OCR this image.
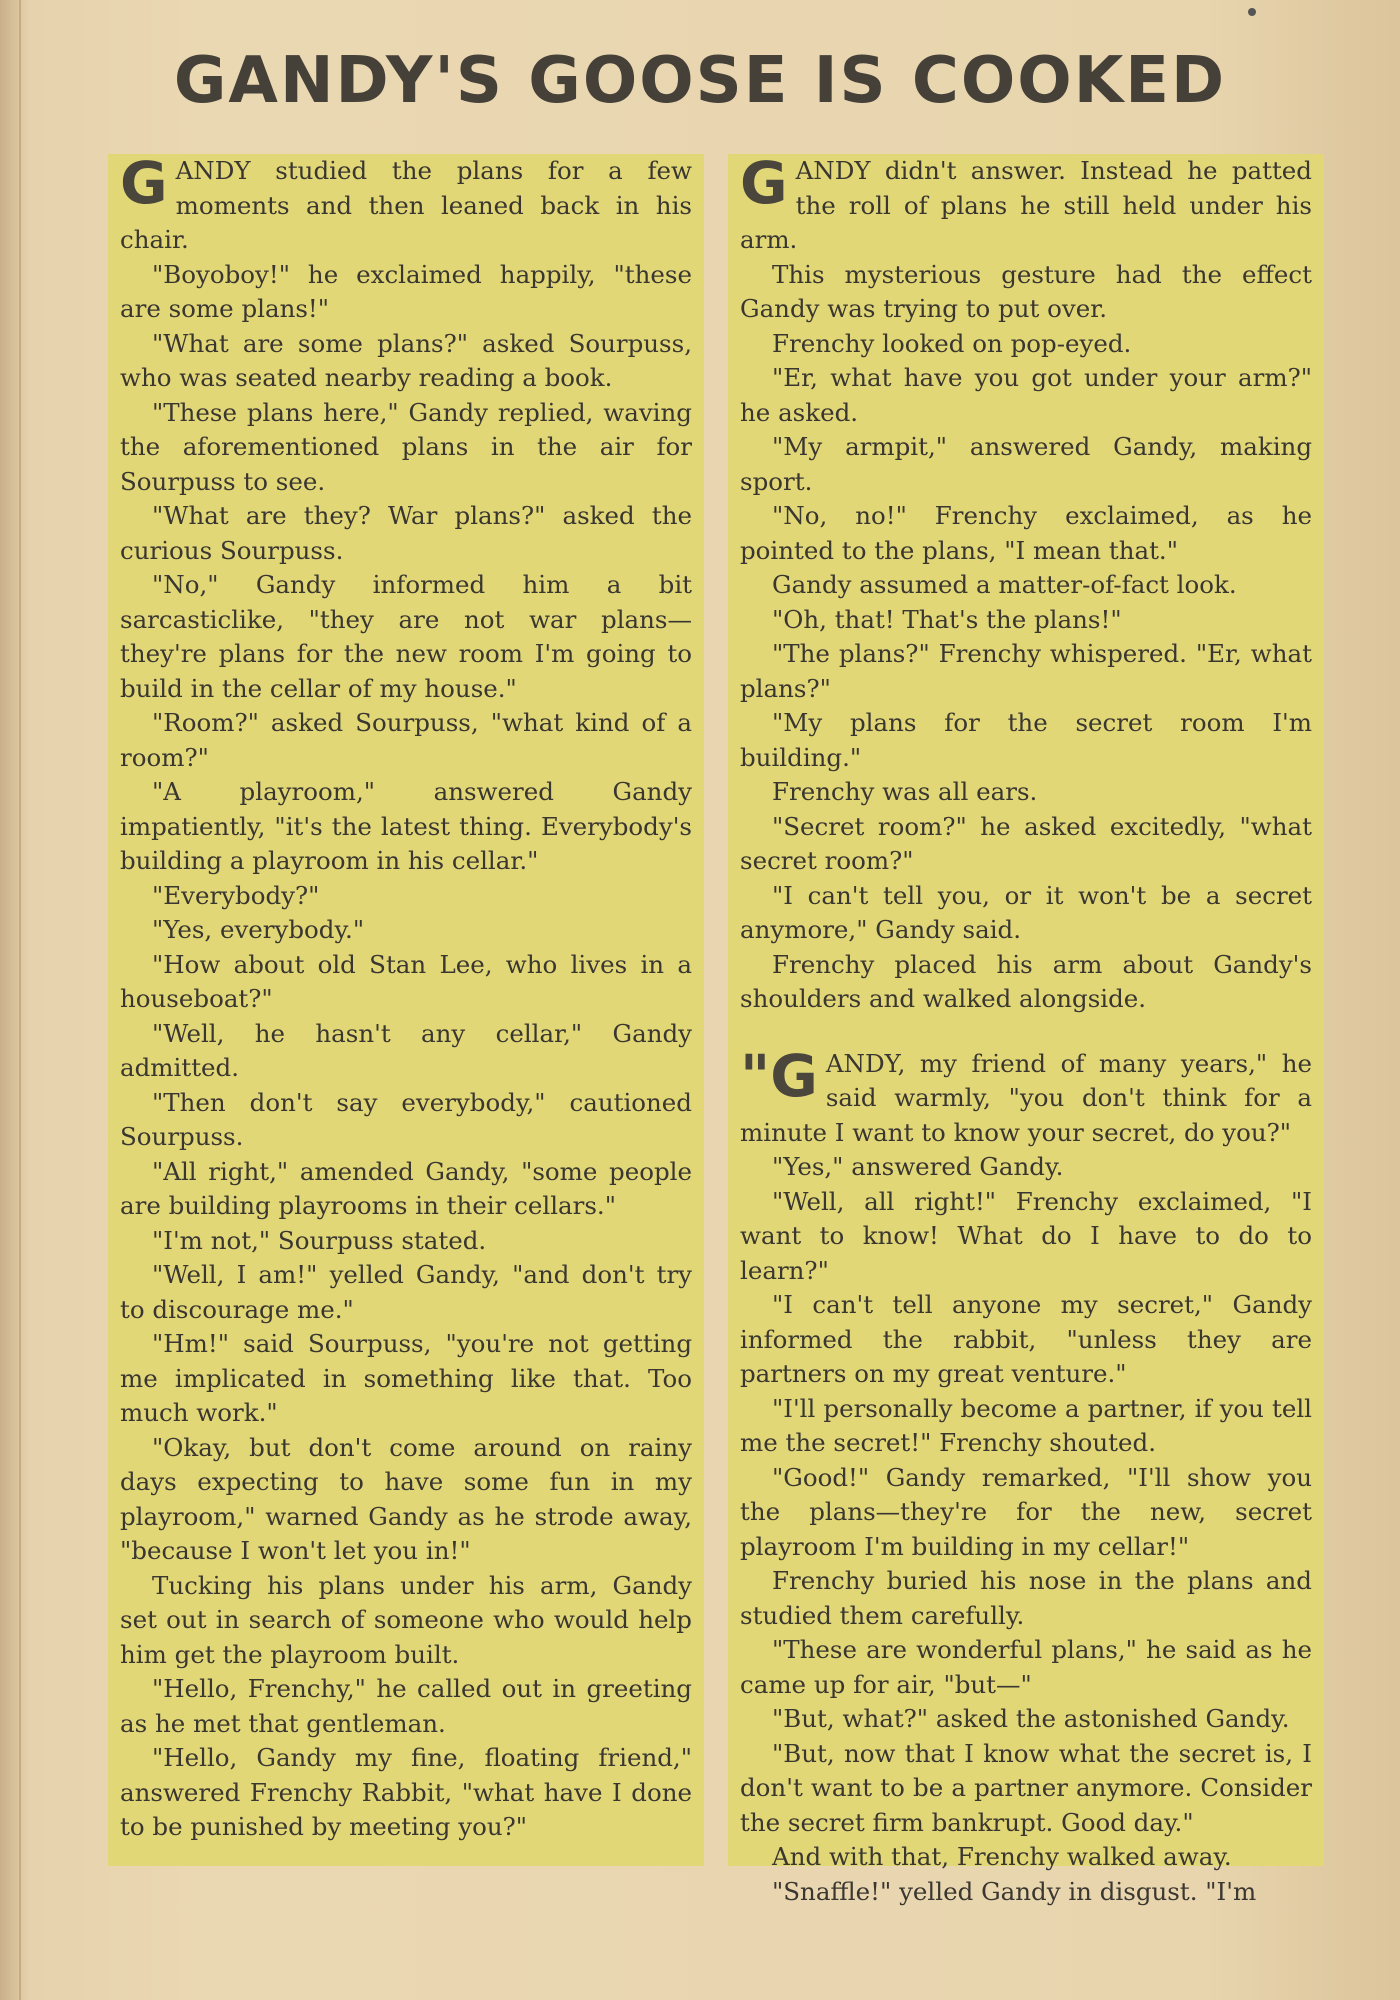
GANDY'S GOOSE IS COOKED

GANDY studied the plans for a few moments and then leaned back in his chair.

"Boyoboy!" he exclaimed happily, "these are some plans!"

"What are some plans?" asked Sourpuss, who was seated nearby reading a book.

"These plans here," Gandy replied, waving the aforementioned plans in the air for Sourpuss to see.

"What are they? War plans?" asked the curious Sourpuss.

"No," Gandy informed him a bit sarcasticlike, "they are not war plans—they're plans for the new room I'm going to build in the cellar of my house."

"Room?" asked Sourpuss, "what kind of a room?"

"A playroom," answered Gandy impatiently, "it's the latest thing. Everybody's building a playroom in his cellar."

"Everybody?"

"Yes, everybody."

"How about old Stan Lee, who lives in a houseboat?"

"Well, he hasn't any cellar," Gandy admitted.

"Then don't say everybody," cautioned Sourpuss.

"All right," amended Gandy, "some people are building playrooms in their cellars."

"I'm not," Sourpuss stated.

"Well, I am!" yelled Gandy, "and don't try to discourage me."

"Hm!" said Sourpuss, "you're not getting me implicated in something like that. Too much work."

"Okay, but don't come around on rainy days expecting to have some fun in my playroom," warned Gandy as he strode away, "because I won't let you in!"

Tucking his plans under his arm, Gandy set out in search of someone who would help him get the playroom built.

"Hello, Frenchy," he called out in greeting as he met that gentleman.

"Hello, Gandy my fine, floating friend," answered Frenchy Rabbit, "what have I done to be punished by meeting you?"

GANDY didn't answer. Instead he patted the roll of plans he still held under his arm.

This mysterious gesture had the effect Gandy was trying to put over.

Frenchy looked on pop-eyed.

"Er, what have you got under your arm?" he asked.

"My armpit," answered Gandy, making sport.

"No, no!" Frenchy exclaimed, as he pointed to the plans, "I mean that."

Gandy assumed a matter-of-fact look.

"Oh, that! That's the plans!"

"The plans?" Frenchy whispered. "Er, what plans?"

"My plans for the secret room I'm building."

Frenchy was all ears.

"Secret room?" he asked excitedly, "what secret room?"

"I can't tell you, or it won't be a secret anymore," Gandy said.

Frenchy placed his arm about Gandy's shoulders and walked alongside.

"GANDY, my friend of many years," he said warmly, "you don't think for a minute I want to know your secret, do you?"

"Yes," answered Gandy.

"Well, all right!" Frenchy exclaimed, "I want to know! What do I have to do to learn?"

"I can't tell anyone my secret," Gandy informed the rabbit, "unless they are partners on my great venture."

"I'll personally become a partner, if you tell me the secret!" Frenchy shouted.

"Good!" Gandy remarked, "I'll show you the plans—they're for the new, secret playroom I'm building in my cellar!"

Frenchy buried his nose in the plans and studied them carefully.

"These are wonderful plans," he said as he came up for air, "but—"

"But, what?" asked the astonished Gandy.

"But, now that I know what the secret is, I don't want to be a partner anymore. Consider the secret firm bankrupt. Good day."

And with that, Frenchy walked away.

"Snaffle!" yelled Gandy in disgust. "I'm
